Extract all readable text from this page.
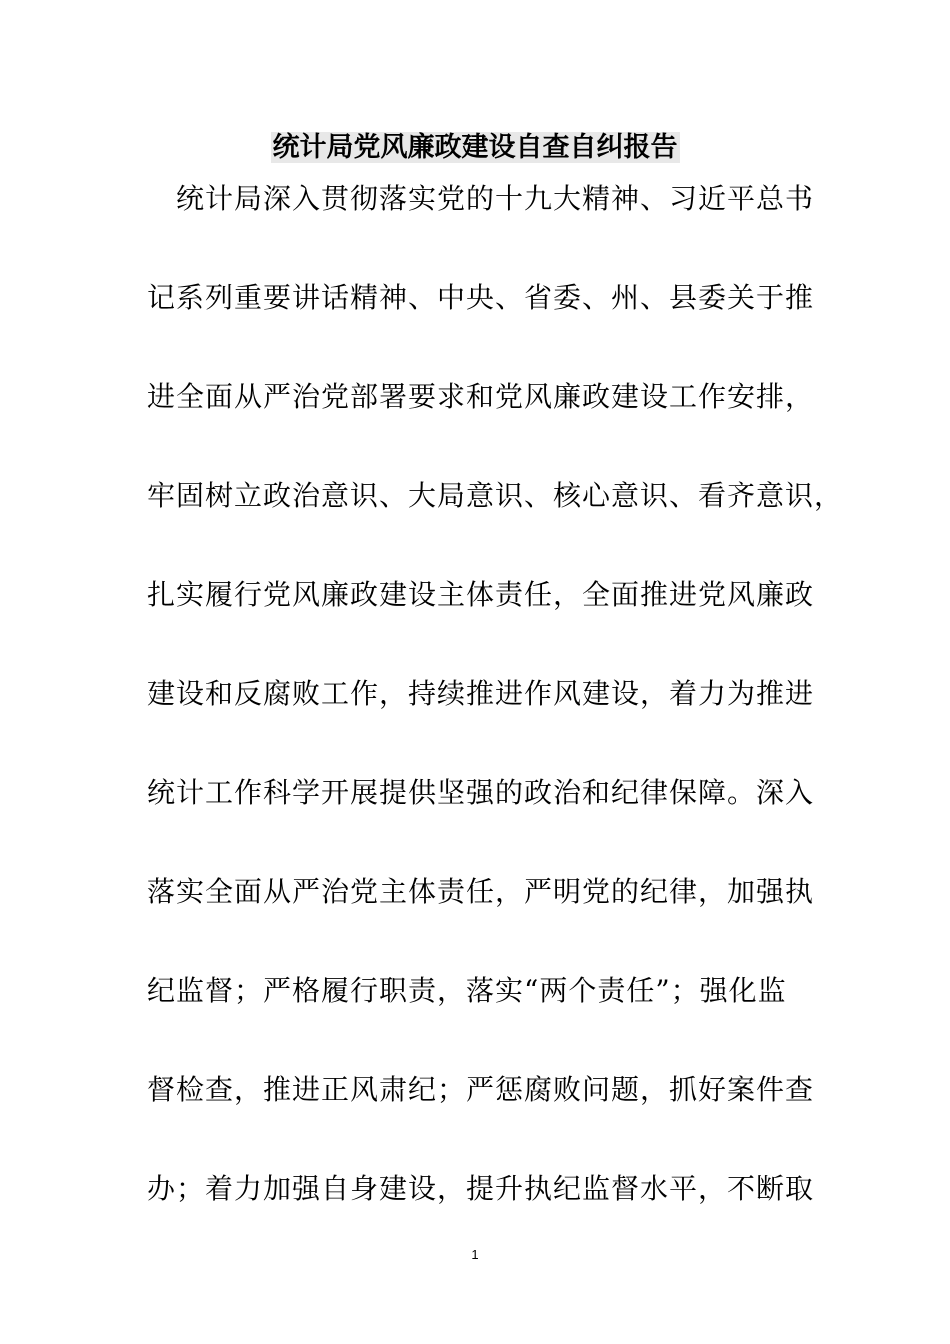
统计局党风廉政建设自查自纠报告
　统计局深入贯彻落实党的十九大精神、习近平总书
记系列重要讲话精神、中央、省委、州、县委关于推
进全面从严治党部署要求和党风廉政建设工作安排，
牢固树立政治意识、大局意识、核心意识、看齐意识，
扎实履行党风廉政建设主体责任，全面推进党风廉政
建设和反腐败工作，持续推进作风建设，着力为推进
统计工作科学开展提供坚强的政治和纪律保障。深入
落实全面从严治党主体责任，严明党的纪律，加强执
纪监督；严格履行职责，落实“两个责任”；强化监
督检查，推进正风肃纪；严惩腐败问题，抓好案件查
办；着力加强自身建设，提升执纪监督水平，不断取
1
